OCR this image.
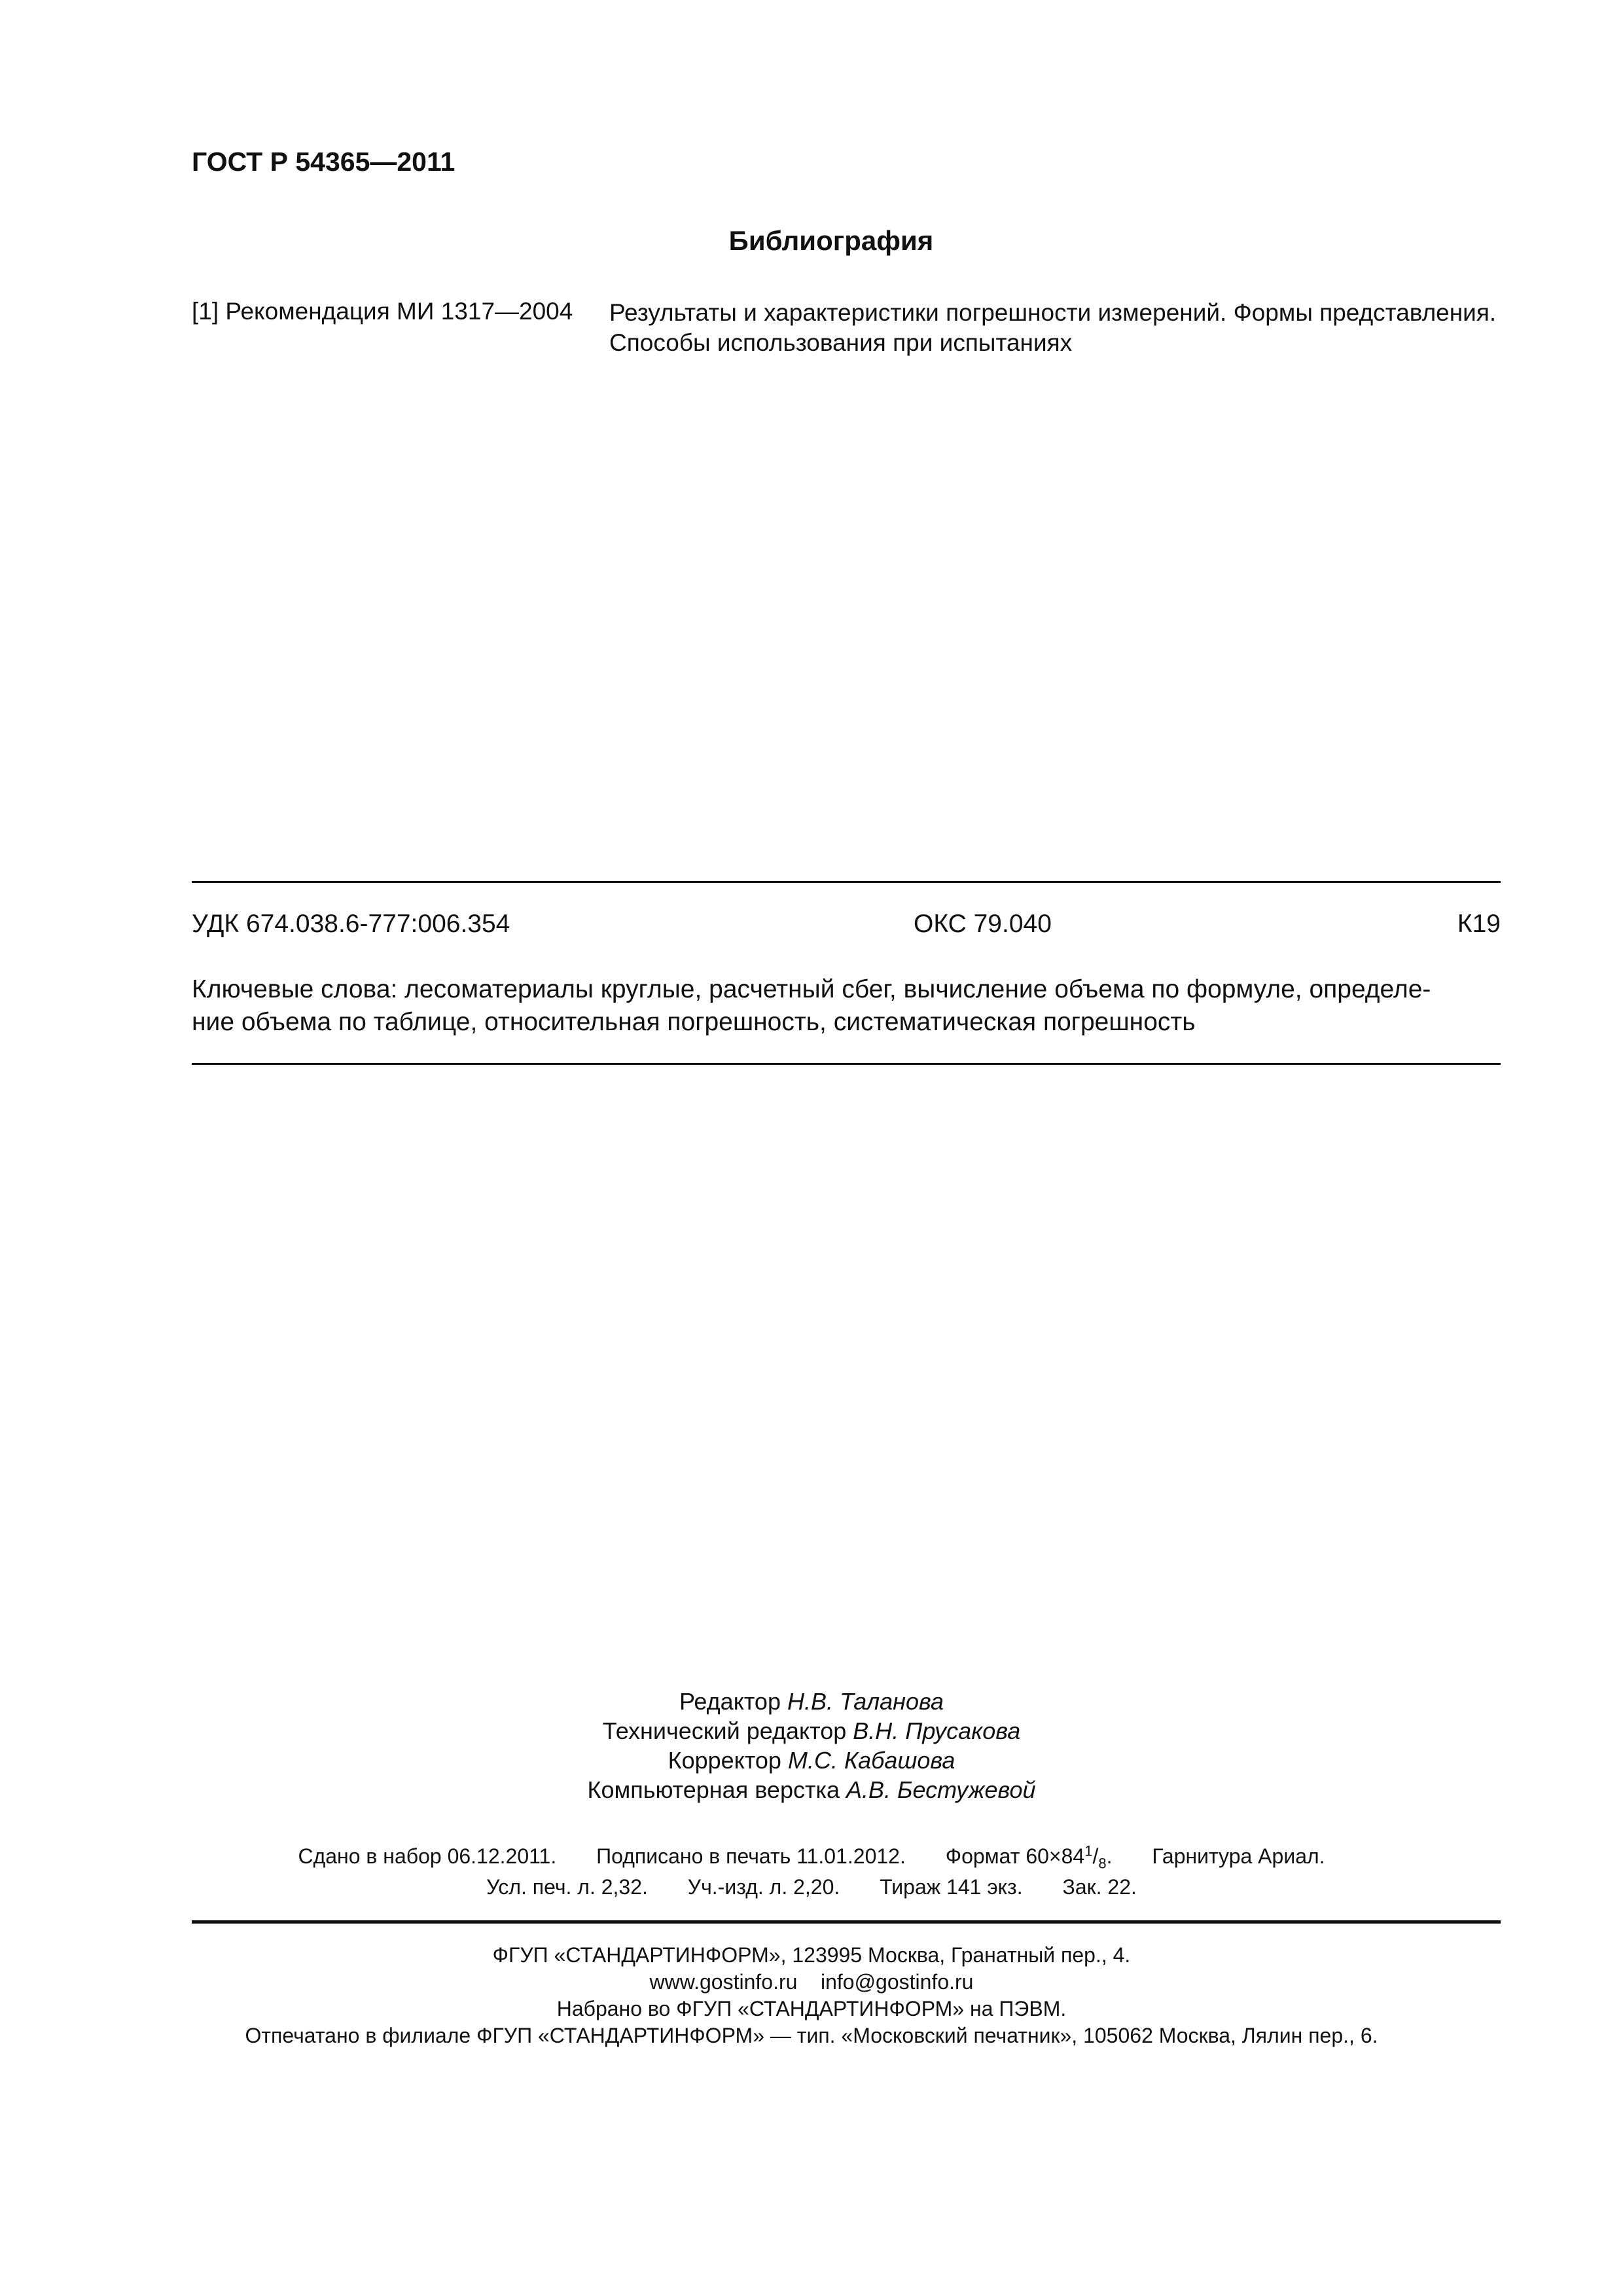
ГОСТ Р 54365—2011
Библиография
[1] Рекомендация МИ 1317—2004 Результаты и характеристики погрешности измерений. Формы представления.
Способы использования при испытаниях
УДК 674.038.6-777:006.354	ОКС 79.040	К19
Ключевые слова: лесоматериалы круглые, расчетный сбег, вычисление объема по формуле, определе-
ние объема по таблице, относительная погрешность, систематическая погрешность
Редактор Н.В. Таланова
Технический редактор В.Н. Прусакова
Корректор М.С. Кабашова
Компьютерная верстка А.В. Бестужевой
Сдано в набор 06.12.2011. Подписано в печать 11.01.2012. Формат $60\times 84^1/_8$. Гарнитура Ариал.
Усл. печ. л. 2,32. Уч.-изд. л. 2,20. Тираж 141 экз. Зак. 22.
ФГУП «СТАНДАРТИНФОРМ», 123995 Москва, Гранатный пер., 4.
www.gostinfo.ru info@gostinfo.ru
Набрано во ФГУП «СТАНДАРТИНФОРМ» на ПЭВМ.
Отпечатано в филиале ФГУП «СТАНДАРТИНФОРМ» — тип. «Московский печатник», 105062 Москва, Лялин пер., 6.
